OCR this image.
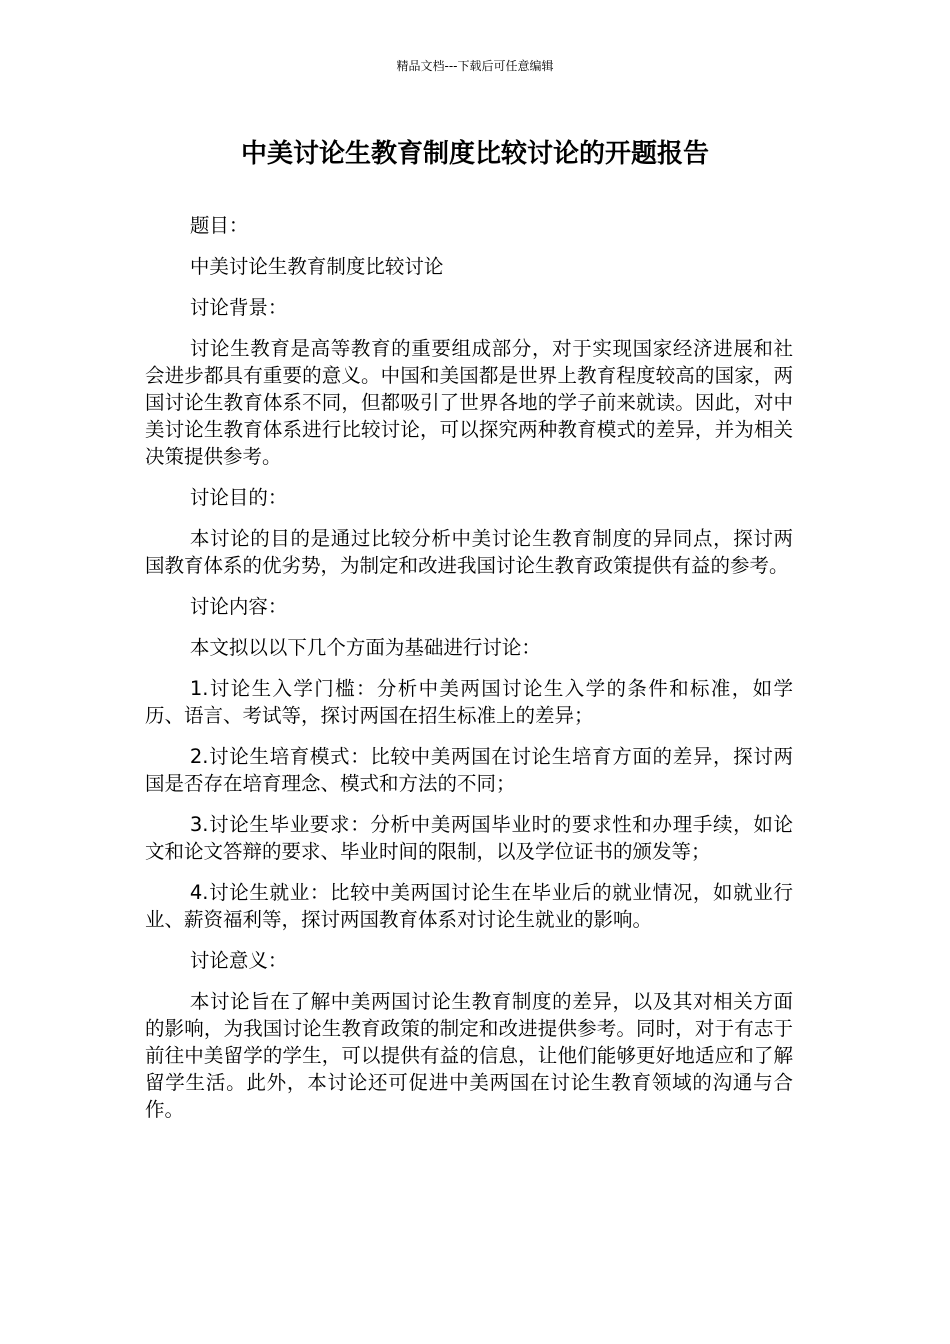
精品文档---下载后可任意编辑
中美讨论生教育制度比较讨论的开题报告

题目：

中美讨论生教育制度比较讨论

讨论背景：

讨论生教育是高等教育的重要组成部分，对于实现国家经济进展和社会进步都具有重要的意义。中国和美国都是世界上教育程度较高的国家，两国讨论生教育体系不同，但都吸引了世界各地的学子前来就读。因此，对中美讨论生教育体系进行比较讨论，可以探究两种教育模式的差异，并为相关决策提供参考。

讨论目的：

本讨论的目的是通过比较分析中美讨论生教育制度的异同点，探讨两国教育体系的优劣势，为制定和改进我国讨论生教育政策提供有益的参考。

讨论内容：

本文拟以以下几个方面为基础进行讨论：

1.讨论生入学门槛：分析中美两国讨论生入学的条件和标准，如学历、语言、考试等，探讨两国在招生标准上的差异；

2.讨论生培育模式：比较中美两国在讨论生培育方面的差异，探讨两国是否存在培育理念、模式和方法的不同；

3.讨论生毕业要求：分析中美两国毕业时的要求性和办理手续，如论文和论文答辩的要求、毕业时间的限制，以及学位证书的颁发等；

4.讨论生就业：比较中美两国讨论生在毕业后的就业情况，如就业行业、薪资福利等，探讨两国教育体系对讨论生就业的影响。

讨论意义：

本讨论旨在了解中美两国讨论生教育制度的差异，以及其对相关方面的影响，为我国讨论生教育政策的制定和改进提供参考。同时，对于有志于前往中美留学的学生，可以提供有益的信息，让他们能够更好地适应和了解留学生活。此外，本讨论还可促进中美两国在讨论生教育领域的沟通与合作。
